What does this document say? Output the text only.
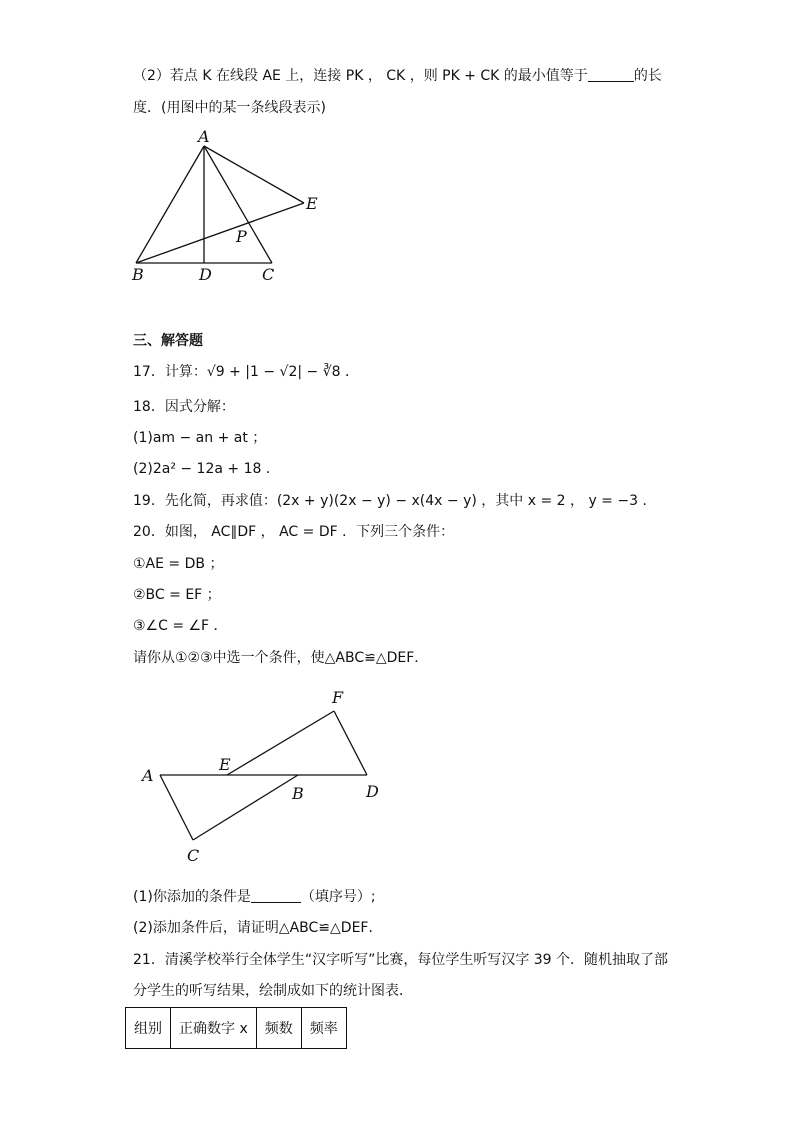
（2）若点 K 在线段 AE 上，连接 PK ， CK ，则 PK + CK 的最小值等于	的长
度．(用图中的某一条线段表示)
A
E
P
B	D	C
三、解答题
17．计算：√9 + |1 − √2| − ∛8 ．
18．因式分解：
(1)am − an + at ；
(2)2a² − 12a + 18 ．
19．先化简，再求值：(2x + y)(2x − y) − x(4x − y) ，其中 x = 2 ， y = −3 ．
20．如图， AC∥DF ， AC = DF ．下列三个条件：
①AE = DB ；
②BC = EF ；
③∠C = ∠F ．
请你从①②③中选一个条件，使△ABC≌△DEF．
F
E
A
B	D
C
(1)你添加的条件是	（填序号）;
(2)添加条件后，请证明△ABC≌△DEF．
21．清溪学校举行全体学生“汉字听写”比赛，每位学生听写汉字 39 个．随机抽取了部
分学生的听写结果，绘制成如下的统计图表．
组别	正确数字 x	频数	频率
